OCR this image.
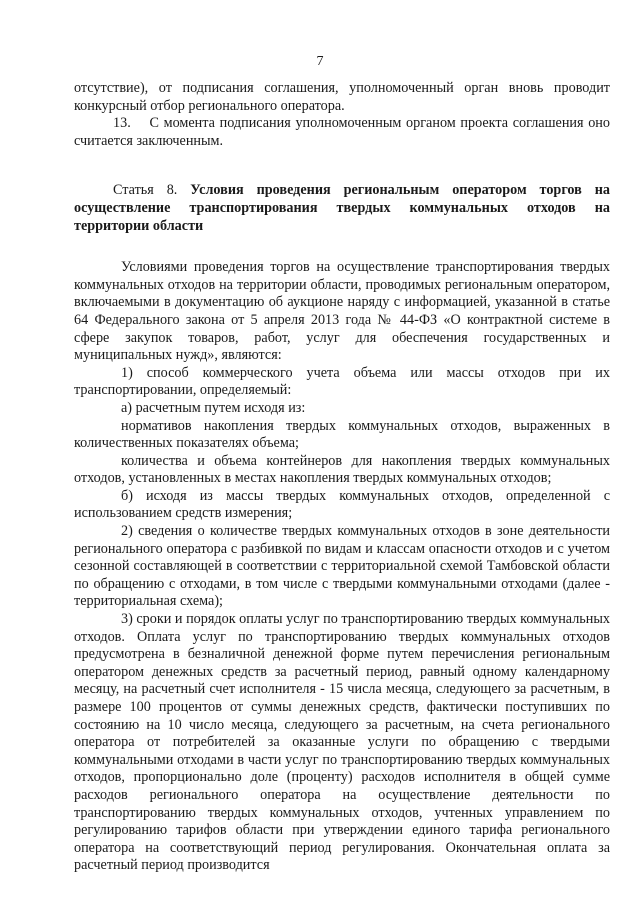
7

отсутствие), от подписания соглашения, уполномоченный орган вновь проводит конкурсный отбор регионального оператора.

13.    С момента подписания уполномоченным органом проекта соглашения оно считается заключенным.

Статья 8. Условия проведения региональным оператором торгов на осуществление транспортирования твердых коммунальных отходов на территории области

Условиями проведения торгов на осуществление транспортирования твердых коммунальных отходов на территории области, проводимых региональным оператором, включаемыми в документацию об аукционе наряду с информацией, указанной в статье 64 Федерального закона от 5 апреля 2013 года № 44-ФЗ «О контрактной системе в сфере закупок товаров, работ, услуг для обеспечения государственных и муниципальных нужд», являются:

1) способ коммерческого учета объема или массы отходов при их транспортировании, определяемый:

а) расчетным путем исходя из:

нормативов накопления твердых коммунальных отходов, выраженных в количественных показателях объема;

количества и объема контейнеров для накопления твердых коммунальных отходов, установленных в местах накопления твердых коммунальных отходов;

б) исходя из массы твердых коммунальных отходов, определенной с использованием средств измерения;

2) сведения о количестве твердых коммунальных отходов в зоне деятельности регионального оператора с разбивкой по видам и классам опасности отходов и с учетом сезонной составляющей в соответствии с территориальной схемой Тамбовской области по обращению с отходами, в том числе с твердыми коммунальными отходами (далее - территориальная схема);

3) сроки и порядок оплаты услуг по транспортированию твердых коммунальных отходов. Оплата услуг по транспортированию твердых коммунальных отходов предусмотрена в безналичной денежной форме путем перечисления региональным оператором денежных средств за расчетный период, равный одному календарному месяцу, на расчетный счет исполнителя - 15 числа месяца, следующего за расчетным, в размере 100 процентов от суммы денежных средств, фактически поступивших по состоянию на 10 число месяца, следующего за расчетным, на счета регионального оператора от потребителей за оказанные услуги по обращению с твердыми коммунальными отходами в части услуг по транспортированию твердых коммунальных отходов, пропорционально доле (проценту) расходов исполнителя в общей сумме расходов регионального оператора на осуществление деятельности по транспортированию твердых коммунальных отходов, учтенных управлением по регулированию тарифов области при утверждении единого тарифа регионального оператора на соответствующий период регулирования. Окончательная оплата за расчетный период производится
